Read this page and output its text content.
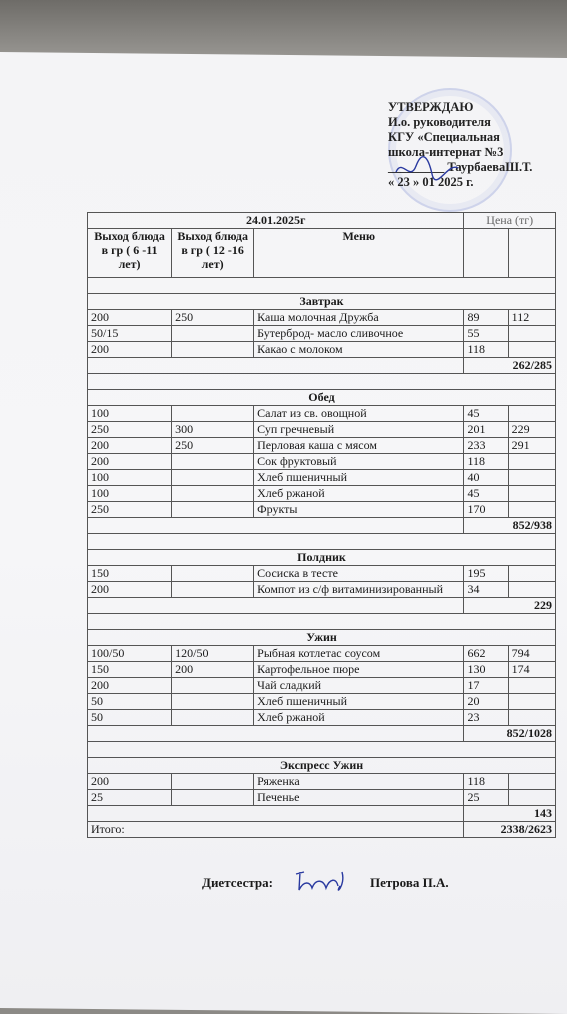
УТВЕРЖДАЮ
И.о. руководителя
КГУ «Специальная
школа-интернат №3
_________ ТаурбаеваШ.Т.
« 23 » 01 2025 г.
24.01.2025г			Цена (тг)	
Выход блюда в гр ( 6 -11 лет)	Выход блюда в гр ( 12 -16 лет)	Меню		

Завтрак				
200	250	Каша молочная Дружба	89	112
50/15		Бутерброд- масло сливочное	55	
200		Какао с молоком	118	
			262/285	

Обед				
100		Салат из св. овощной	45	
250	300	Суп гречневый	201	229
200	250	Перловая каша с мясом	233	291
200		Сок фруктовый	118	
100		Хлеб пшеничный	40	
100		Хлеб ржаной	45	
250		Фрукты	170	
			852/938	

Полдник				
150		Сосиска в тесте	195	
200		Компот из с/ф витаминизированный	34	
			229	

Ужин				
100/50	120/50	Рыбная котлетас соусом	662	794
150	200	Картофельное пюре	130	174
200		Чай сладкий	17	
50		Хлеб пшеничный	20	
50		Хлеб ржаной	23	
			852/1028	

Экспресс Ужин				
200		Ряженка	118	
25		Печенье	25	
			143	
Итого:			2338/2623	
Диетсестра:	Петрова П.А.
